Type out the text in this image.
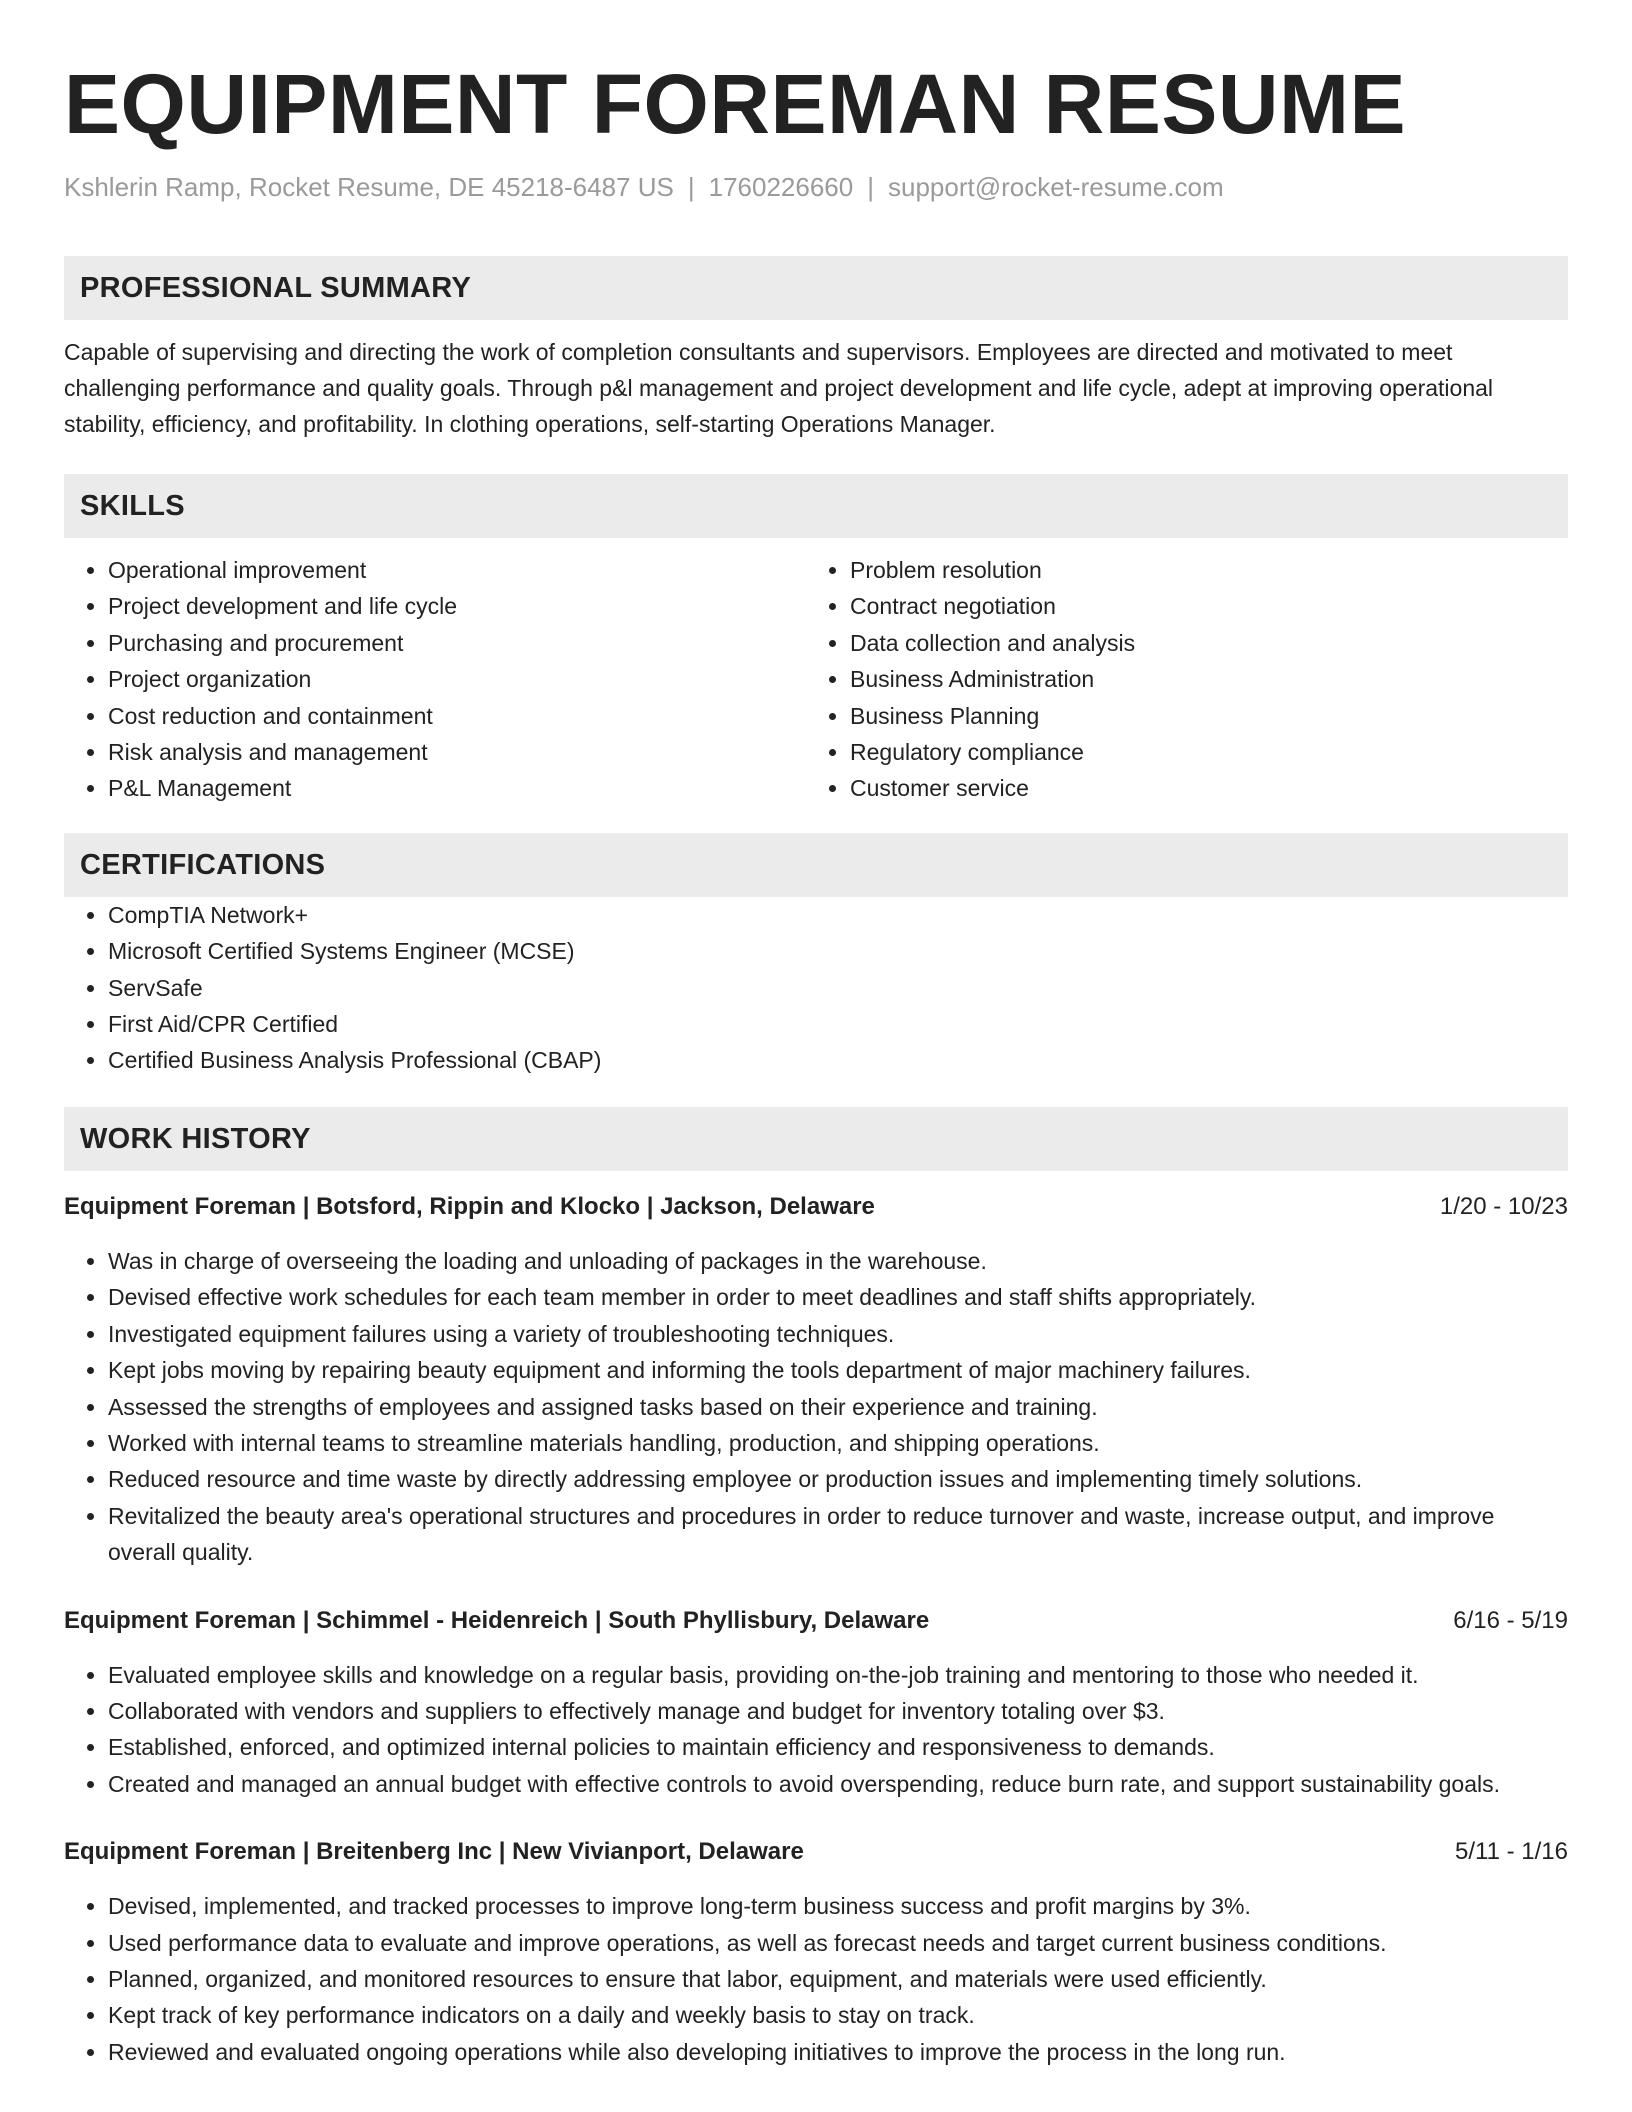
EQUIPMENT FOREMAN RESUME
Kshlerin Ramp, Rocket Resume, DE 45218-6487 US | 1760226660 | support@rocket-resume.com
PROFESSIONAL SUMMARY

Capable of supervising and directing the work of completion consultants and supervisors. Employees are directed and motivated to meet challenging performance and quality goals. Through p&l management and project development and life cycle, adept at improving operational stability, efficiency, and profitability. In clothing operations, self-starting Operations Manager.

SKILLS
• Operational improvement
• Project development and life cycle
• Purchasing and procurement
• Project organization
• Cost reduction and containment
• Risk analysis and management
• P&L Management
• Problem resolution
• Contract negotiation
• Data collection and analysis
• Business Administration
• Business Planning
• Regulatory compliance
• Customer service
CERTIFICATIONS
• CompTIA Network+
• Microsoft Certified Systems Engineer (MCSE)
• ServSafe
• First Aid/CPR Certified
• Certified Business Analysis Professional (CBAP)
WORK HISTORY
Equipment Foreman | Botsford, Rippin and Klocko | Jackson, Delaware	1/20 - 10/23
• Was in charge of overseeing the loading and unloading of packages in the warehouse.
• Devised effective work schedules for each team member in order to meet deadlines and staff shifts appropriately.
• Investigated equipment failures using a variety of troubleshooting techniques.
• Kept jobs moving by repairing beauty equipment and informing the tools department of major machinery failures.
• Assessed the strengths of employees and assigned tasks based on their experience and training.
• Worked with internal teams to streamline materials handling, production, and shipping operations.
• Reduced resource and time waste by directly addressing employee or production issues and implementing timely solutions.
• Revitalized the beauty area's operational structures and procedures in order to reduce turnover and waste, increase output, and improve overall quality.
Equipment Foreman | Schimmel - Heidenreich | South Phyllisbury, Delaware	6/16 - 5/19
• Evaluated employee skills and knowledge on a regular basis, providing on-the-job training and mentoring to those who needed it.
• Collaborated with vendors and suppliers to effectively manage and budget for inventory totaling over $3.
• Established, enforced, and optimized internal policies to maintain efficiency and responsiveness to demands.
• Created and managed an annual budget with effective controls to avoid overspending, reduce burn rate, and support sustainability goals.
Equipment Foreman | Breitenberg Inc | New Vivianport, Delaware	5/11 - 1/16
• Devised, implemented, and tracked processes to improve long-term business success and profit margins by 3%.
• Used performance data to evaluate and improve operations, as well as forecast needs and target current business conditions.
• Planned, organized, and monitored resources to ensure that labor, equipment, and materials were used efficiently.
• Kept track of key performance indicators on a daily and weekly basis to stay on track.
• Reviewed and evaluated ongoing operations while also developing initiatives to improve the process in the long run.
